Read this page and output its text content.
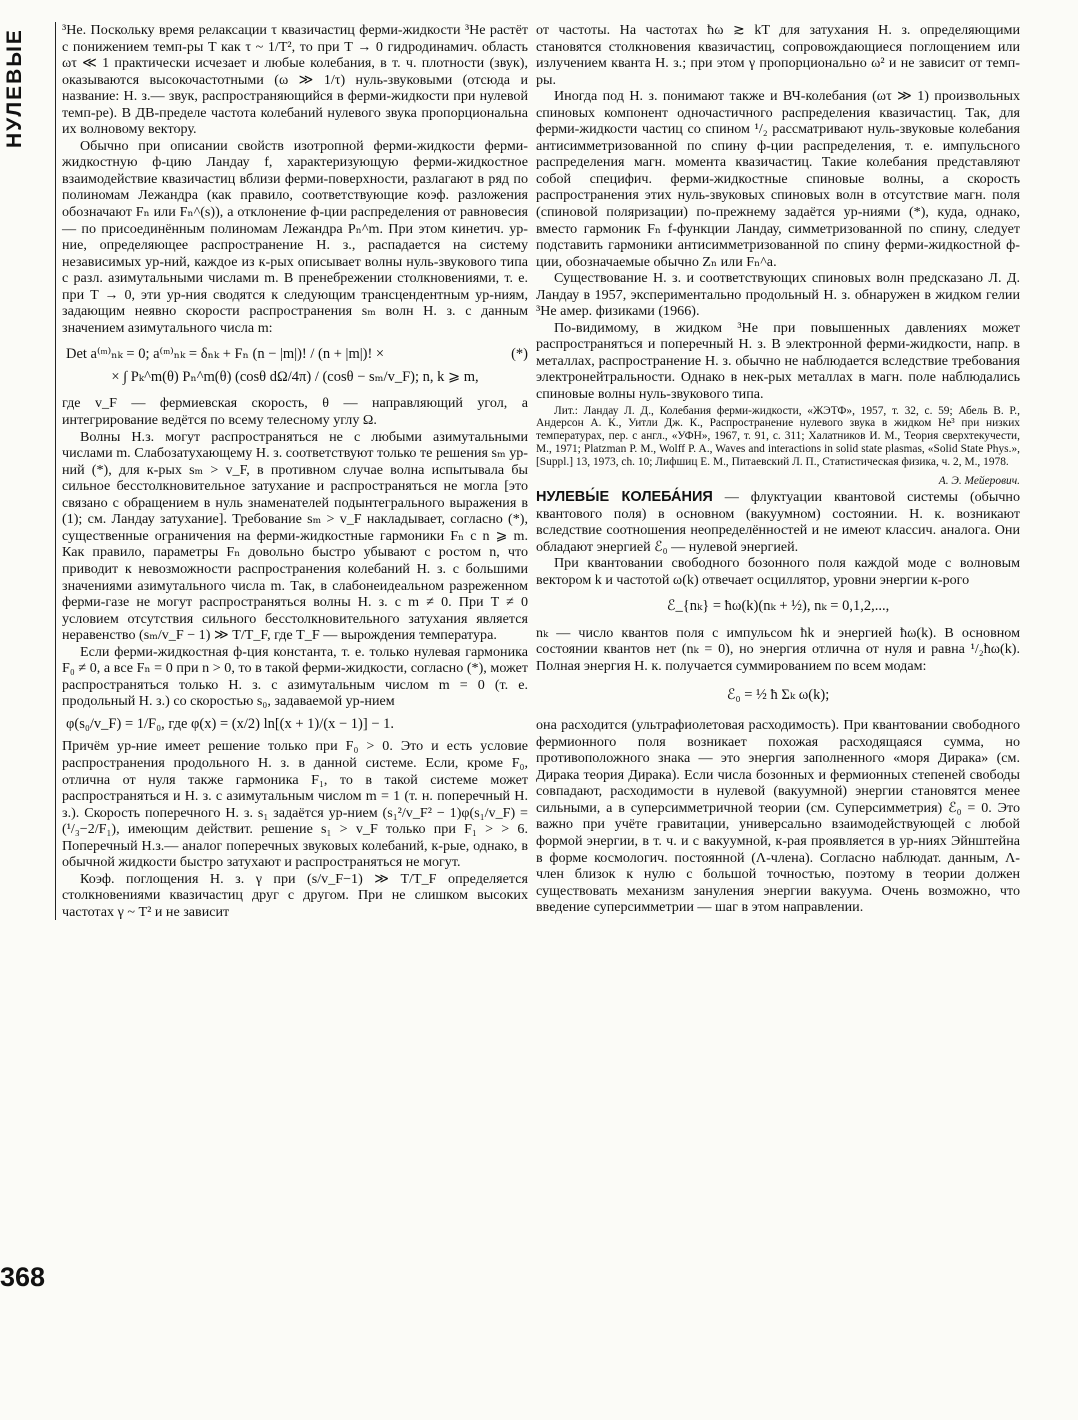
НУЛЕВЫЕ
368

³He. Поскольку время релаксации τ квазичастиц ферми-жидкости ³He растёт с понижением темп-ры T как τ ~ 1/T², то при T → 0 гидродинамич. область ωτ ≪ 1 практически исчезает и любые колебания, в т. ч. плотности (звук), оказываются высокочастотными (ω ≫ 1/τ) нуль-звуковыми (отсюда и название: Н. з.— звук, распространяющийся в ферми-жидкости при нулевой темп-ре). В ДВ-пределе частота колебаний нулевого звука пропорциональна их волновому вектору.

Обычно при описании свойств изотропной ферми-жидкости ферми-жидкостную ф-цию Ландау f, характеризующую ферми-жидкостное взаимодействие квазичастиц вблизи ферми-поверхности, разлагают в ряд по полиномам Лежандра (как правило, соответствующие коэф. разложения обозначают Fₙ или Fₙ^(s)), а отклонение ф-ции распределения от равновесия — по присоединённым полиномам Лежандра Pₙ^m. При этом кинетич. ур-ние, определяющее распространение Н. з., распадается на систему независимых ур-ний, каждое из к-рых описывает волны нуль-звукового типа с разл. азимутальными числами m. В пренебрежении столкновениями, т. е. при T → 0, эти ур-ния сводятся к следующим трансцендентным ур-ниям, задающим неявно скорости распространения sₘ волн Н. з. с данным значением азимутального числа m:

Det a⁽ᵐ⁾ₙₖ = 0; a⁽ᵐ⁾ₙₖ = δₙₖ + Fₙ (n − |m|)! / (n + |m|)! ×	(*)
× ∫ Pₖ^m(θ) Pₙ^m(θ) (cosθ dΩ/4π) / (cosθ − sₘ/v_F); n, k ⩾ m,

где v_F — фермиевская скорость, θ — направляющий угол, а интегрирование ведётся по всему телесному углу Ω.

Волны Н.з. могут распространяться не с любыми азимутальными числами m. Слабозатухающему Н. з. соответствуют только те решения sₘ ур-ний (*), для к-рых sₘ > v_F, в противном случае волна испытывала бы сильное бесстолкновительное затухание и распространяться не могла [это связано с обращением в нуль знаменателей подынтегрального выражения в (1); см. Ландау затухание]. Требование sₘ > v_F накладывает, согласно (*), существенные ограничения на ферми-жидкостные гармоники Fₙ с n ⩾ m. Как правило, параметры Fₙ довольно быстро убывают с ростом n, что приводит к невозможности распространения колебаний Н. з. с большими значениями азимутального числа m. Так, в слабонеидеальном разреженном ферми-газе не могут распространяться волны Н. з. с m ≠ 0. При T ≠ 0 условием отсутствия сильного бесстолкновительного затухания является неравенство (sₘ/v_F − 1) ≫ T/T_F, где T_F — вырождения температура.

Если ферми-жидкостная ф-ция константа, т. е. только нулевая гармоника F₀ ≠ 0, а все Fₙ = 0 при n > 0, то в такой ферми-жидкости, согласно (*), может распространяться только Н. з. с азимутальным числом m = 0 (т. е. продольный Н. з.) со скоростью s₀, задаваемой ур-нием

φ(s₀/v_F) = 1/F₀, где φ(x) = (x/2) ln[(x + 1)/(x − 1)] − 1.

Причём ур-ние имеет решение только при F₀ > 0. Это и есть условие распространения продольного Н. з. в данной системе. Если, кроме F₀, отлична от нуля также гармоника F₁, то в такой системе может распространяться и Н. з. с азимутальным числом m = 1 (т. н. поперечный Н. з.). Скорость поперечного Н. з. s₁ задаётся ур-нием (s₁²/v_F² − 1)φ(s₁/v_F) = (¹/₃−2/F₁), имеющим действит. решение s₁ > v_F только при F₁ > > 6. Поперечный Н.з.— аналог поперечных звуковых колебаний, к-рые, однако, в обычной жидкости быстро затухают и распространяться не могут.

Коэф. поглощения Н. з. γ при (s/v_F−1) ≫ T/T_F определяется столкновениями квазичастиц друг с другом. При не слишком высоких частотах γ ~ T² и не зависит

от частоты. На частотах ħω ≳ kT для затухания Н. з. определяющими становятся столкновения квазичастиц, сопровождающиеся поглощением или излучением кванта Н. з.; при этом γ пропорционально ω² и не зависит от темп-ры.

Иногда под Н. з. понимают также и ВЧ-колебания (ωτ ≫ 1) произвольных спиновых компонент одночастичного распределения квазичастиц. Так, для ферми-жидкости частиц со спином ¹/₂ рассматривают нуль-звуковые колебания антисимметризованной по спину ф-ции распределения, т. е. импульсного распределения магн. момента квазичастиц. Такие колебания представляют собой специфич. ферми-жидкостные спиновые волны, а скорость распространения этих нуль-звуковых спиновых волн в отсутствие магн. поля (спиновой поляризации) по-прежнему задаётся ур-ниями (*), куда, однако, вместо гармоник Fₙ f-функции Ландау, симметризованной по спину, следует подставить гармоники антисимметризованной по спину ферми-жидкостной ф-ции, обозначаемые обычно Zₙ или Fₙ^a.

Существование Н. з. и соответствующих спиновых волн предсказано Л. Д. Ландау в 1957, экспериментально продольный Н. з. обнаружен в жидком гелии ³He амер. физиками (1966).

По-видимому, в жидком ³He при повышенных давлениях может распространяться и поперечный Н. з. В электронной ферми-жидкости, напр. в металлах, распространение Н. з. обычно не наблюдается вследствие требования электронейтральности. Однако в нек-рых металлах в магн. поле наблюдались спиновые волны нуль-звукового типа.

Лит.: Ландау Л. Д., Колебания ферми-жидкости, «ЖЭТФ», 1957, т. 32, с. 59; Абель В. Р., Андерсон А. К., Уитли Дж. К., Распространение нулевого звука в жидком He³ при низких температурах, пер. с англ., «УФН», 1967, т. 91, с. 311; Халатников И. М., Теория сверхтекучести, М., 1971; Platzman P. M., Wolff P. A., Waves and interactions in solid state plasmas, «Solid State Phys.», [Suppl.] 13, 1973, ch. 10; Лифшиц Е. М., Питаевский Л. П., Статистическая физика, ч. 2, М., 1978.

А. Э. Мейерович.

НУЛЕВЫ́Е КОЛЕБА́НИЯ — флуктуации квантовой системы (обычно квантового поля) в основном (вакуумном) состоянии. Н. к. возникают вследствие соотношения неопределённостей и не имеют классич. аналога. Они обладают энергией ℰ₀ — нулевой энергией.

При квантовании свободного бозонного поля каждой моде с волновым вектором k и частотой ω(k) отвечает осциллятор, уровни энергии к-рого

ℰ_{nₖ} = ħω(k)(nₖ + ½), nₖ = 0,1,2,...,

nₖ — число квантов поля с импульсом ħk и энергией ħω(k). В основном состоянии квантов нет (nₖ = 0), но энергия отлична от нуля и равна ¹/₂ħω(k). Полная энергия Н. к. получается суммированием по всем модам:

ℰ₀ = ½ ħ Σₖ ω(k);

она расходится (ультрафиолетовая расходимость). При квантовании свободного фермионного поля возникает похожая расходящаяся сумма, но противоположного знака — это энергия заполненного «моря Дирака» (см. Дирака теория Дирака). Если числа бозонных и фермионных степеней свободы совпадают, расходимости в нулевой (вакуумной) энергии становятся менее сильными, а в суперсимметричной теории (см. Суперсимметрия) ℰ₀ = 0. Это важно при учёте гравитации, универсально взаимодействующей с любой формой энергии, в т. ч. и с вакуумной, к-рая проявляется в ур-ниях Эйнштейна в форме космологич. постоянной (Λ-члена). Согласно наблюдат. данным, Λ-член близок к нулю с большой точностью, поэтому в теории должен существовать механизм зануления энергии вакуума. Очень возможно, что введение суперсимметрии — шаг в этом направлении.
